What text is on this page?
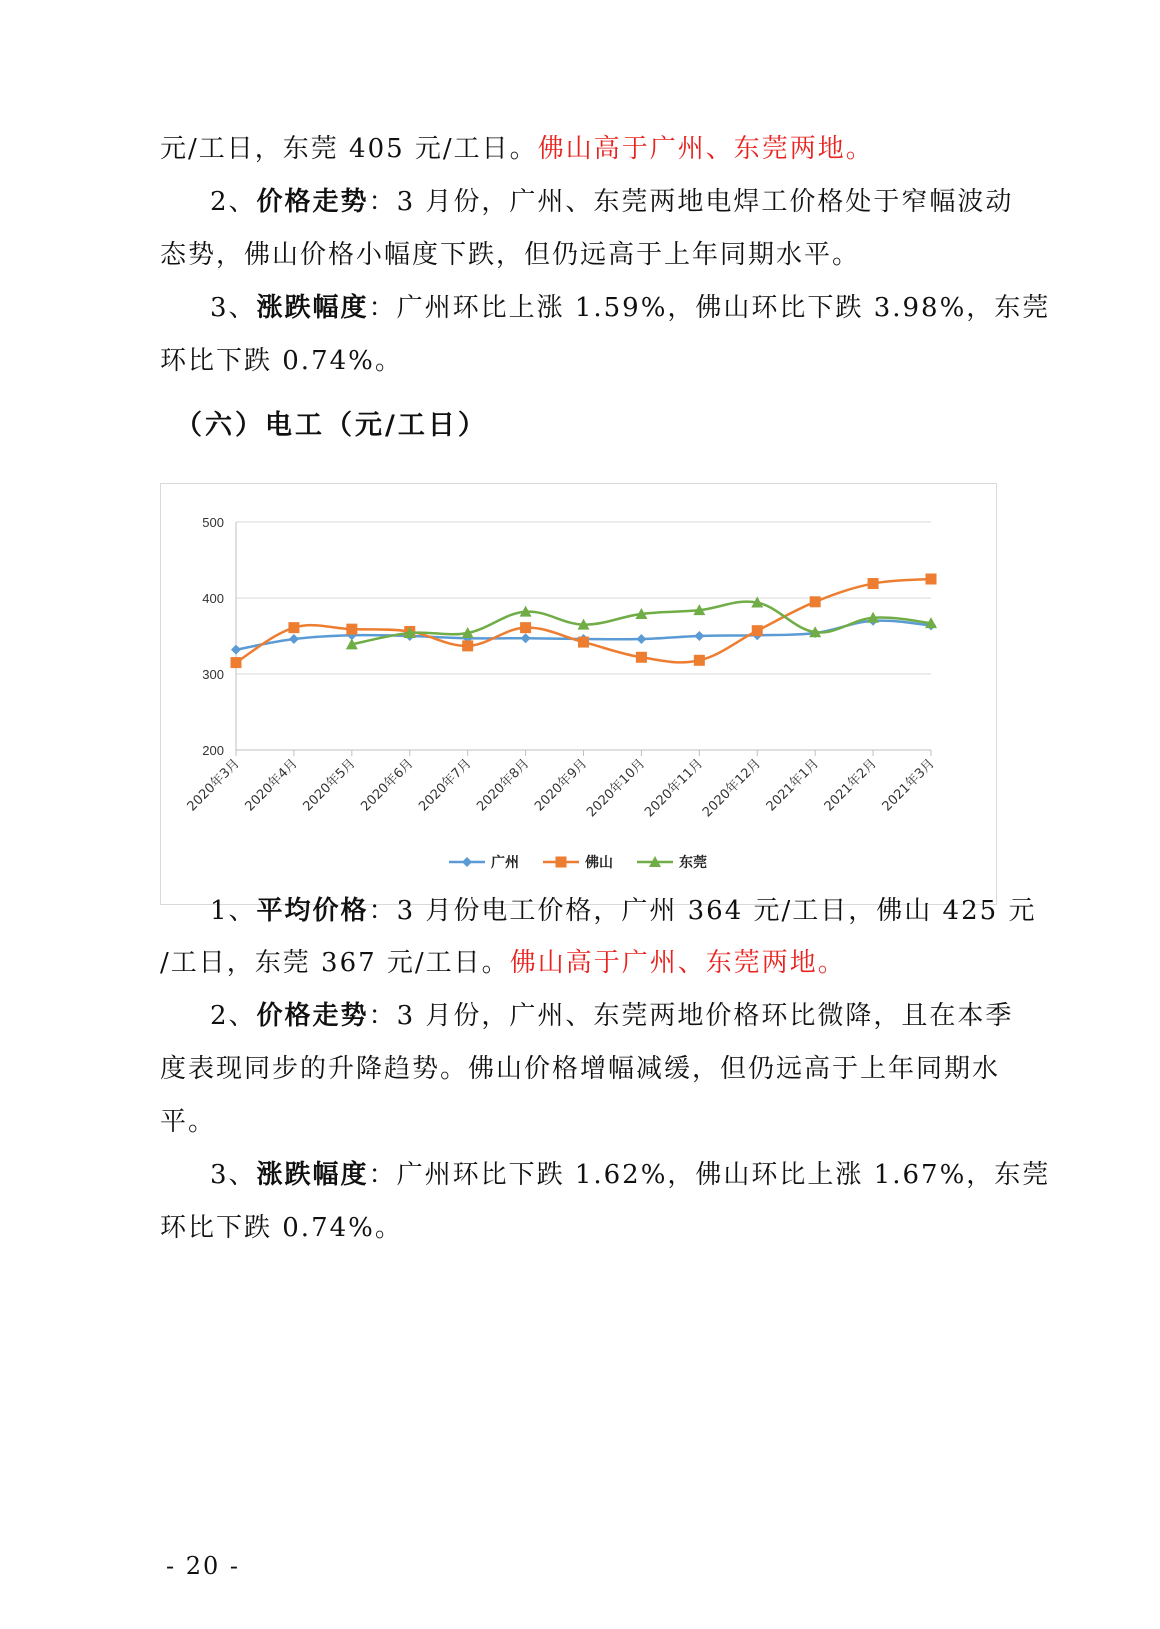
元/工日，东莞 405 元/工日。佛山高于广州、东莞两地。
2、价格走势：3 月份，广州、东莞两地电焊工价格处于窄幅波动
态势，佛山价格小幅度下跌，但仍远高于上年同期水平。
3、涨跌幅度：广州环比上涨 1.59%，佛山环比下跌 3.98%，东莞
环比下跌 0.74%。
（六）电工（元/工日）
200
300
400
500
2020年3月 2020年4月 2020年5月 2020年6月 2020年7月 2020年8月 2020年9月
2020年10月
2020年11月
2020年12月 2021年1月 2021年2月 2021年3月
广州	佛山	东莞
1、平均价格：3 月份电工价格，广州 364 元/工日，佛山 425 元
/工日，东莞 367 元/工日。佛山高于广州、东莞两地。
2、价格走势：3 月份，广州、东莞两地价格环比微降，且在本季
度表现同步的升降趋势。佛山价格增幅减缓，但仍远高于上年同期水
平。
3、涨跌幅度：广州环比下跌 1.62%，佛山环比上涨 1.67%，东莞
环比下跌 0.74%。
- 20 -
